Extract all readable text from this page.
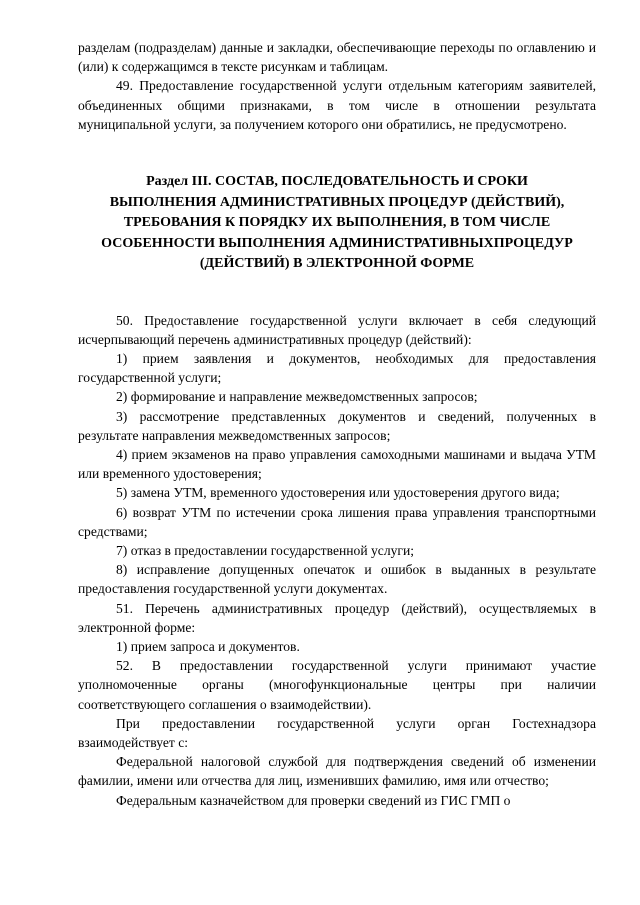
разделам (подразделам) данные и закладки, обеспечивающие переходы по оглавлению и (или) к содержащимся в тексте рисункам и таблицам.

49. Предоставление государственной услуги отдельным категориям заявителей, объединенных общими признаками, в том числе в отношении результата муниципальной услуги, за получением которого они обратились, не предусмотрено.

Раздел III. СОСТАВ, ПОСЛЕДОВАТЕЛЬНОСТЬ И СРОКИ

ВЫПОЛНЕНИЯ АДМИНИСТРАТИВНЫХ ПРОЦЕДУР (ДЕЙСТВИЙ),

ТРЕБОВАНИЯ К ПОРЯДКУ ИХ ВЫПОЛНЕНИЯ, В ТОМ ЧИСЛЕ

ОСОБЕННОСТИ ВЫПОЛНЕНИЯ АДМИНИСТРАТИВНЫХПРОЦЕДУР

(ДЕЙСТВИЙ) В ЭЛЕКТРОННОЙ ФОРМЕ

50. Предоставление государственной услуги включает в себя следующий исчерпывающий перечень административных процедур (действий):

1) прием заявления и документов, необходимых для предоставления государственной услуги;

2) формирование и направление межведомственных запросов;

3) рассмотрение представленных документов и сведений, полученных в результате направления межведомственных запросов;

4) прием экзаменов на право управления самоходными машинами и выдача УТМ или временного удостоверения;

5) замена УТМ, временного удостоверения или удостоверения другого вида;

6) возврат УТМ по истечении срока лишения права управления транспортными средствами;

7) отказ в предоставлении государственной услуги;

8) исправление допущенных опечаток и ошибок в выданных в результате предоставления государственной услуги документах.

51. Перечень административных процедур (действий), осуществляемых в электронной форме:

1) прием запроса и документов.

52. В предоставлении государственной услуги принимают участие уполномоченные органы (многофункциональные центры при наличии соответствующего соглашения о взаимодействии).

При предоставлении государственной услуги орган Гостехнадзора взаимодействует с:

Федеральной налоговой службой для подтверждения сведений об изменении фамилии, имени или отчества для лиц, изменивших фамилию, имя или отчество;

Федеральным казначейством для проверки сведений из ГИС ГМП о
